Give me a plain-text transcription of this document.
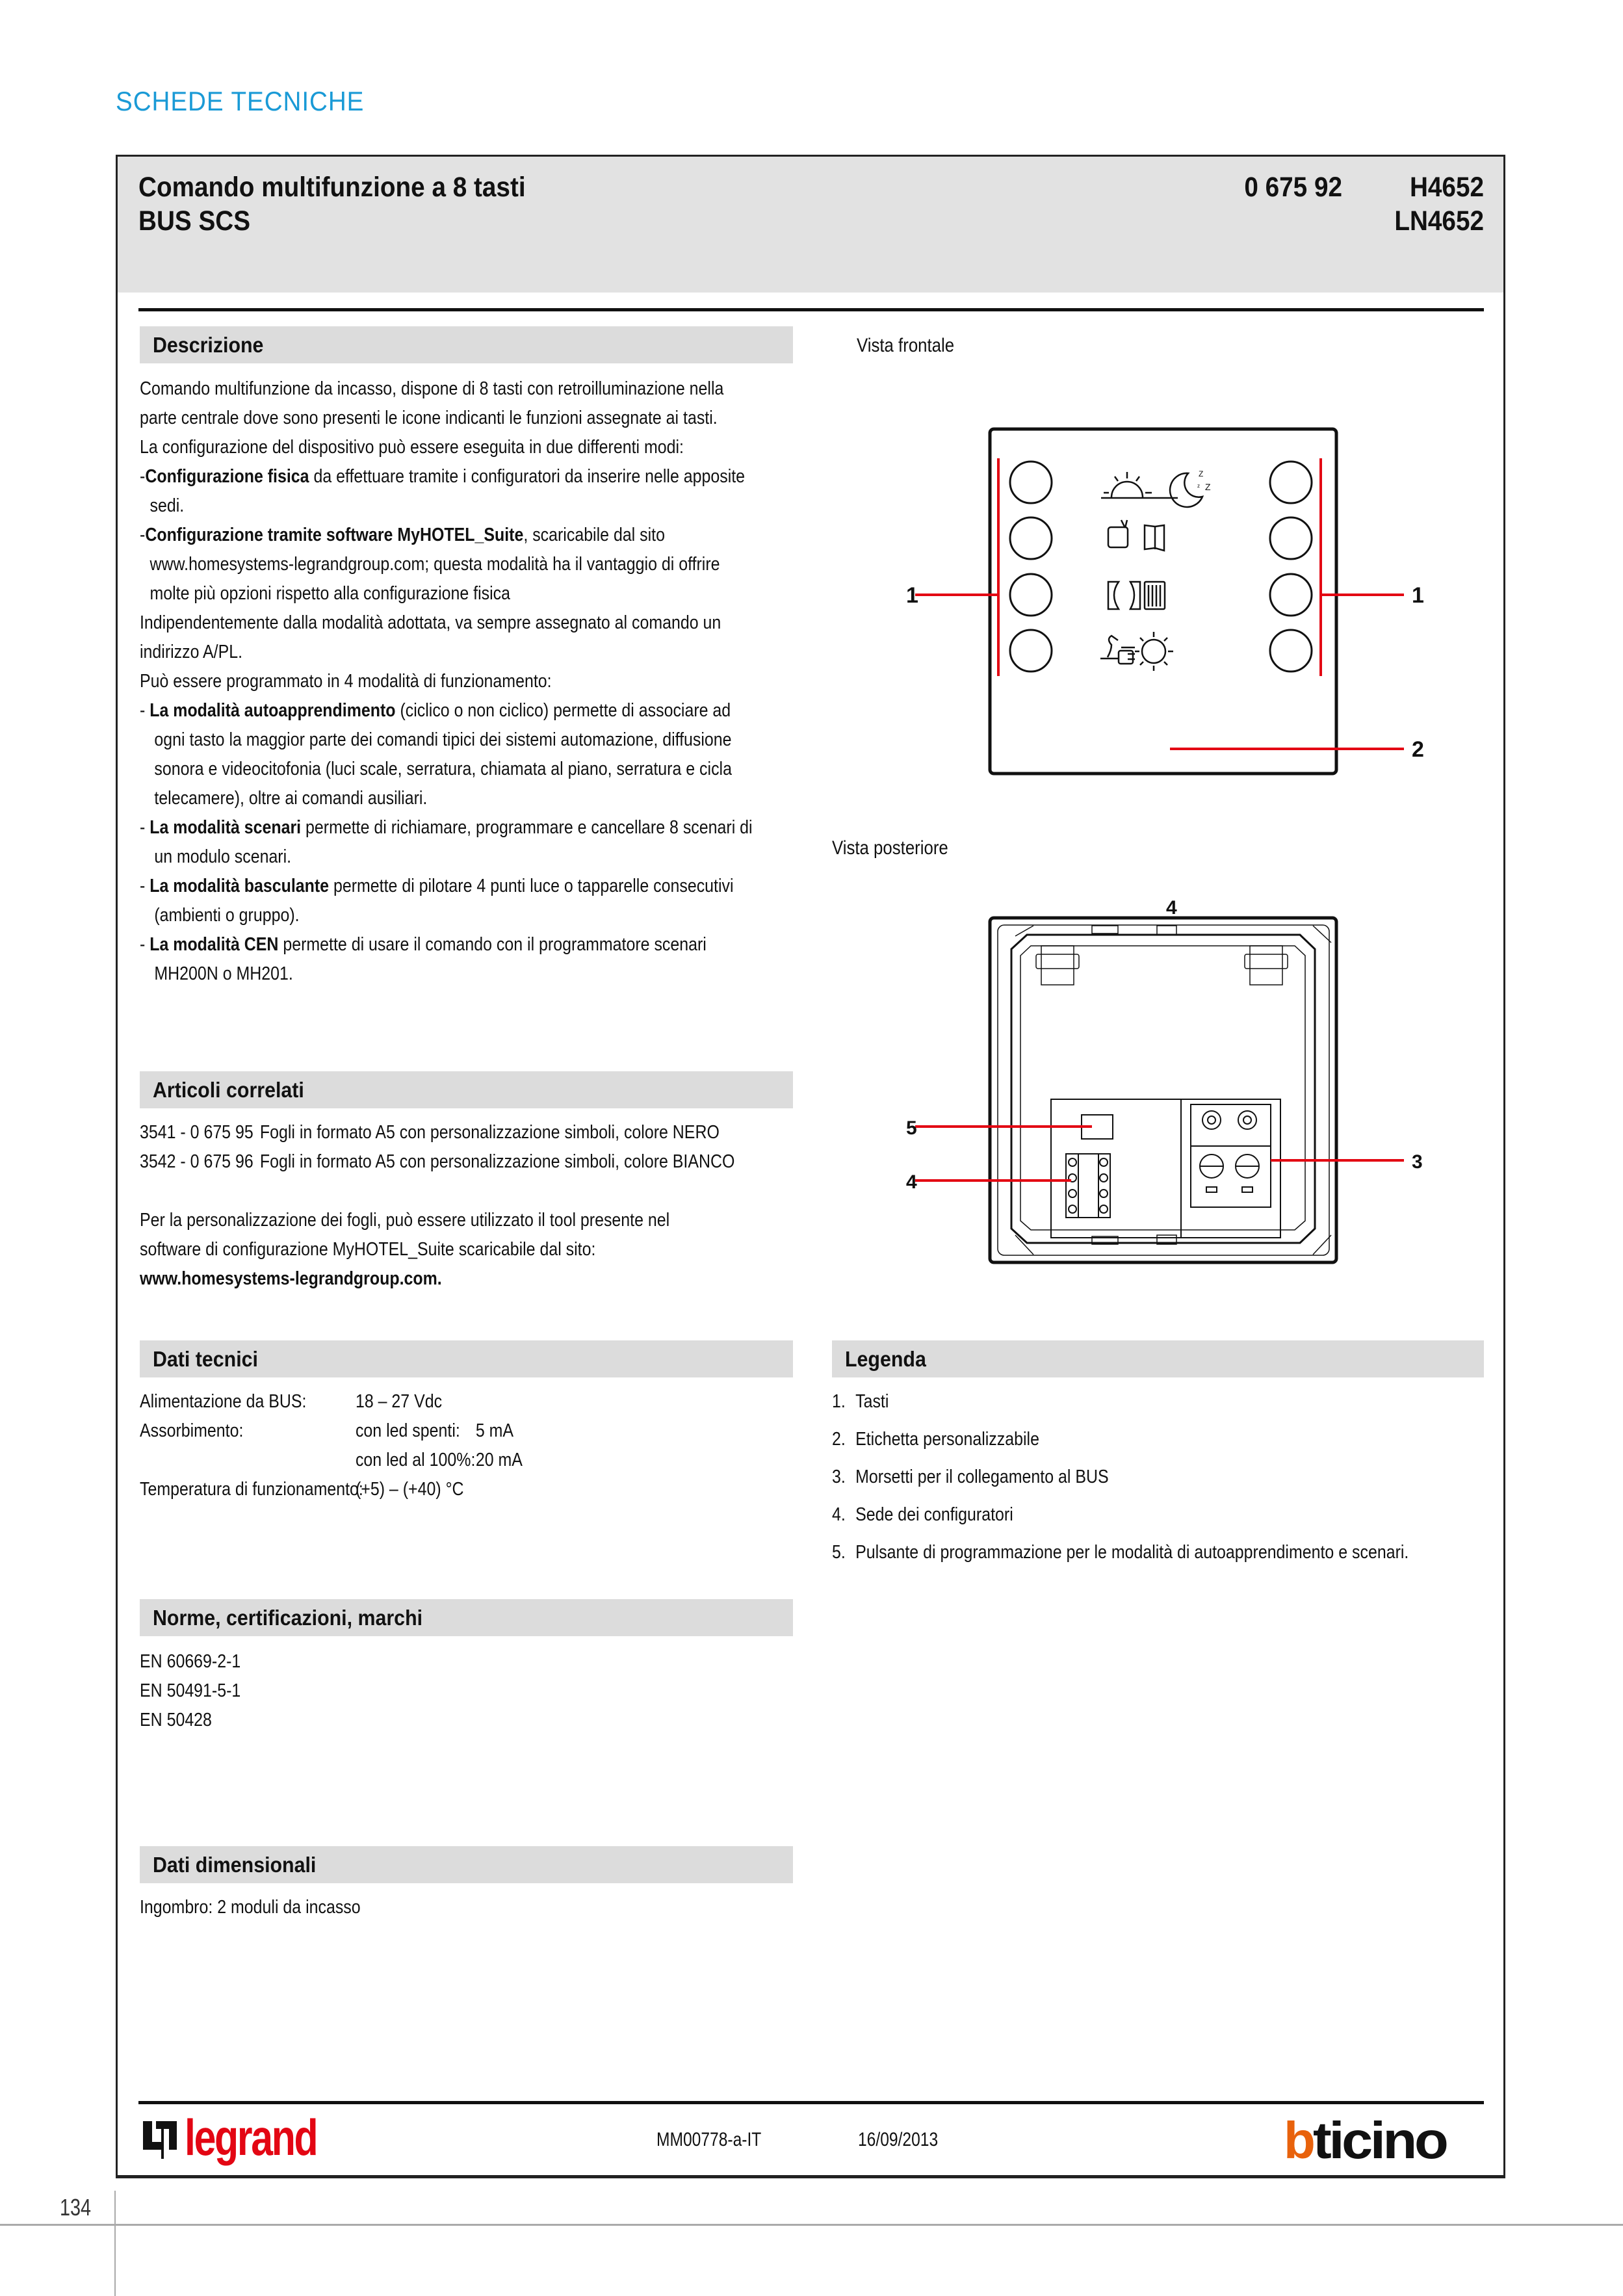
SCHEDE TECNICHE
Comando multifunzione a 8 tasti
BUS SCS
0 675 92	H4652
LN4652
Descrizione

Comando multifunzione da incasso, dispone di 8 tasti con retroilluminazione nella

parte centrale dove sono presenti le icone indicanti le funzioni assegnate ai tasti.

La configurazione del dispositivo può essere eseguita in due differenti modi:

-Configurazione fisica da effettuare tramite i configuratori da inserire nelle apposite

sedi.

-Configurazione tramite software MyHOTEL_Suite, scaricabile dal sito

www.homesystems-legrandgroup.com; questa modalità ha il vantaggio di offrire

molte più opzioni rispetto alla configurazione fisica

Indipendentemente dalla modalità adottata, va sempre assegnato al comando un

indirizzo A/PL.

Può essere programmato in 4 modalità di funzionamento:

- La modalità autoapprendimento (ciclico o non ciclico) permette di associare ad

ogni tasto la maggior parte dei comandi tipici dei sistemi automazione, diffusione

sonora e videocitofonia (luci scale, serratura, chiamata al piano, serratura e cicla

telecamere), oltre ai comandi ausiliari.

- La modalità scenari permette di richiamare, programmare e cancellare 8 scenari di

un modulo scenari.

- La modalità basculante permette di pilotare 4 punti luce o tapparelle consecutivi

(ambienti o gruppo).

- La modalità CEN permette di usare il comando con il programmatore scenari

MH200N o MH201.

Articoli correlati
3541 - 0 675 95 Fogli in formato A5 con personalizzazione simboli, colore NERO
3542 - 0 675 96 Fogli in formato A5 con personalizzazione simboli, colore BIANCO

Per la personalizzazione dei fogli, può essere utilizzato il tool presente nel

software di configurazione MyHOTEL_Suite scaricabile dal sito:

www.homesystems-legrandgroup.com.

Dati tecnici
Alimentazione da BUS:	18 – 27 Vdc
Assorbimento:	con led spenti: 5 mA
con led al 100%: 20 mA
Temperatura di funzionamento:
(+5) – (+40) °C
Norme, certificazioni, marchi

EN 60669-2-1

EN 50491-5-1

EN 50428

Dati dimensionali
Ingombro: 2 moduli da incasso
Legenda
1. Tasti
2. Etichetta personalizzabile
3. Morsetti per il collegamento al BUS
4. Sede dei configuratori
5. Pulsante di programmazione per le modalità di autoapprendimento e scenari.
Vista frontale
Z
z Z
1	1
2
Vista posteriore
4
5
4
3
legrand	MM00778-a-IT	16/09/2013	b ticino
134
